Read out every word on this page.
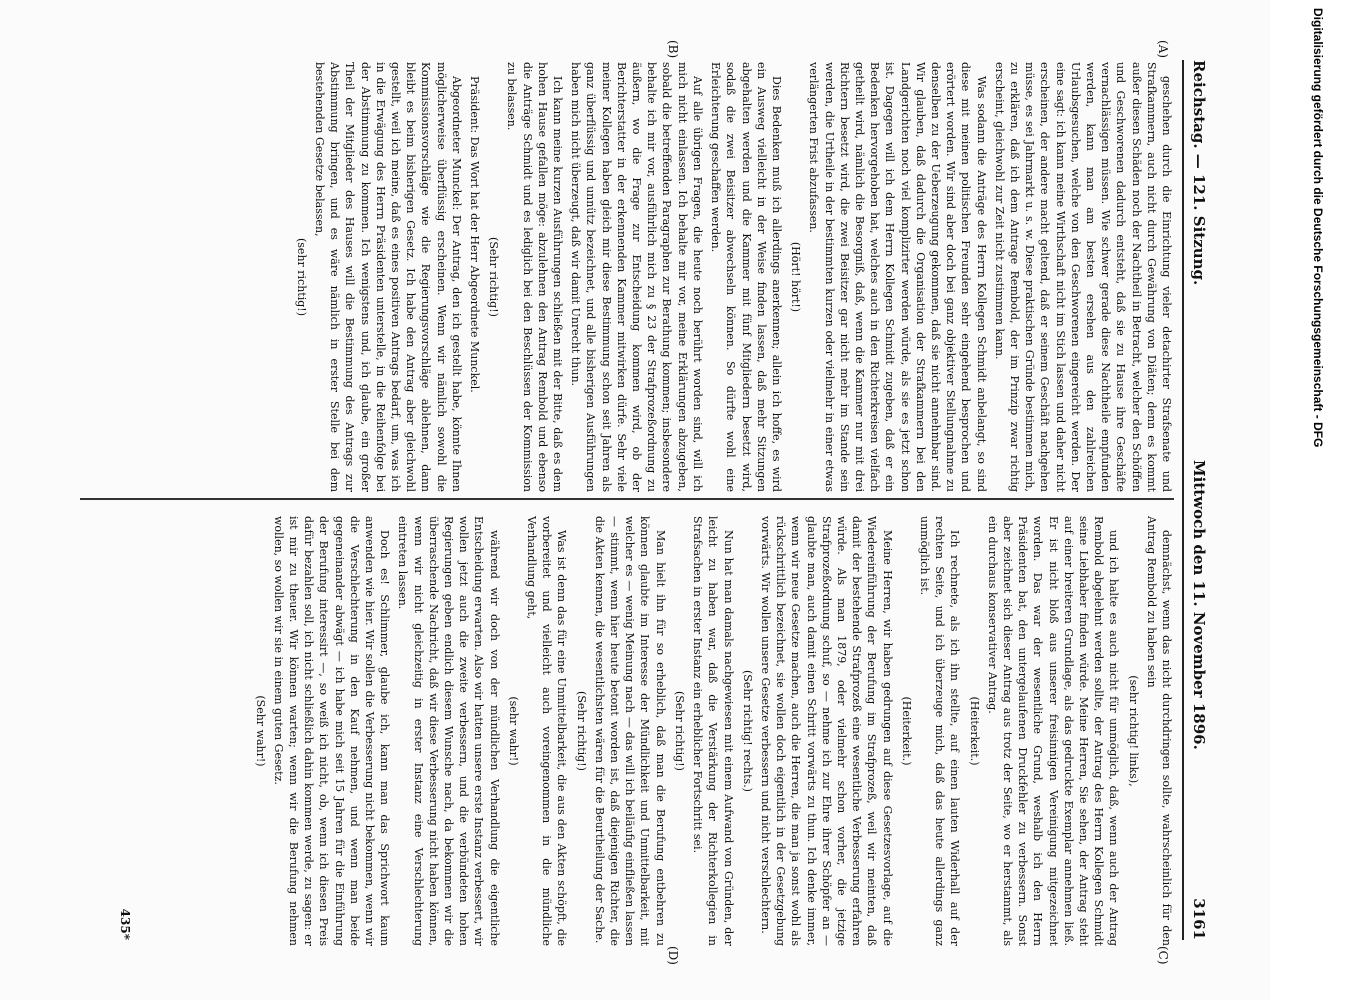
Reichstag. — 121. Sitzung.
Mittwoch den 11. November 1896.
3161
(A)
(B)
(C)
(D)

geschehen durch die Einrichtung vieler detachirter Strafsenate und Strafkammern, auch nicht durch Gewährung von Diäten; denn es kommt außer diesen Schäden noch der Nachtheil in Betracht, welcher den Schöffen und Geschworenen dadurch entsteht, daß sie zu Hause ihre Geschäfte vernachlässigen müssen. Wie schwer gerade diese Nachtheile empfunden werden, kann man am besten ersehen aus den zahlreichen Urlaubsgesuchen, welche von den Geschworenen eingereicht werden. Der eine sagt: ich kann meine Wirthschaft nicht im Stich lassen und daher nicht erscheinen, der andere macht geltend, daß er seinem Geschäft nachgehen müsse, es sei Jahrmarkt u. s. w. Diese praktischen Gründe bestimmen mich, zu erklären, daß ich dem Antrage Rembold, der im Prinzip zwar richtig erscheint, gleichwohl zur Zeit nicht zustimmen kann.

Was sodann die Anträge des Herrn Kollegen Schmidt anbelangt, so sind diese mit meinen politischen Freunden sehr eingehend besprochen und erörtert worden. Wir sind aber doch bei ganz objektiver Stellungnahme zu denselben zu der Ueberzeugung gekommen, daß sie nicht annehmbar sind. Wir glauben, daß dadurch die Organisation der Strafkammern bei den Landgerichten noch viel komplizirter werden würde, als sie es jetzt schon ist. Dagegen will ich dem Herrn Kollegen Schmidt zugeben, daß er ein Bedenken hervorgehoben hat, welches auch in den Richterkreisen vielfach getheilt wird, nämlich die Besorgniß, daß, wenn die Kammer nur mit drei Richtern besetzt wird, die zwei Beisitzer gar nicht mehr im Stande sein werden, die Urtheile in der bestimmten kurzen oder vielmehr in einer etwas verlängerten Frist abzufassen.

(Hört! hört!)

Dies Bedenken muß ich allerdings anerkennen; allein ich hoffe, es wird ein Ausweg vielleicht in der Weise finden lassen, daß mehr Sitzungen abgehalten werden und die Kammer mit fünf Mitgliedern besetzt wird, sodaß die zwei Beisitzer abwechseln können. So dürfte wohl eine Erleichterung geschaffen werden.

Auf alle übrigen Fragen, die heute noch berührt worden sind, will ich mich nicht einlassen. Ich behalte mir vor, meine Erklärungen abzugeben, sobald die betreffenden Paragraphen zur Berathung kommen; insbesondere behalte ich mir vor, ausführlich mich zu § 23 der Strafprozeßordnung zu äußern, wo die Frage zur Entscheidung kommen wird, ob der Berichterstatter in der erkennenden Kammer mitwirken dürfe. Sehr viele meiner Kollegen haben gleich mir diese Bestimmung schon seit Jahren als ganz überflüssig und unnütz bezeichnet, und alle bisherigen Ausführungen haben mich nicht überzeugt, daß wir damit Unrecht thun.

Ich kann meine kurzen Ausführungen schließen mit der Bitte, daß es dem hohen Hause gefallen möge: abzulehnen den Antrag Rembold und ebenso die Anträge Schmidt und es lediglich bei den Beschlüssen der Kommission zu belassen.

(Sehr richtig!)

Präsident: Das Wort hat der Herr Abgeordnete Munckel.

Abgeordneter Munckel: Der Antrag, den ich gestellt habe, könnte Ihnen möglicherweise überflüssig erscheinen. Wenn wir nämlich sowohl die Kommissionsvorschläge wie die Regierungsvorschläge ablehnen, dann bleibt es beim bisherigen Gesetz. Ich habe den Antrag aber gleichwohl gestellt, weil ich meine, daß es eines positiven Antrags bedarf, um, was ich in die Erwägung des Herrn Präsidenten unterstelle, in die Reihenfolge bei der Abstimmung zu kommen. Ich wenigstens und, ich glaube, ein großer Theil der Mitglieder des Hauses will die Bestimmung des Antrags zur Abstimmung bringen, und es wäre nämlich in erster Stelle bei dem bestehenden Gesetze belassen,

(sehr richtig!)

demnächst, wenn das nicht durchdringen sollte, wahrscheinlich für den Antrag Rembold zu haben sein

(sehr richtig! links),

und ich halte es auch nicht für unmöglich, daß, wenn auch der Antrag Rembold abgelehnt werden sollte, der Antrag des Herrn Kollegen Schmidt seine Liebhaber finden würde. Meine Herren, Sie sehen, der Antrag steht auf einer breiteren Grundlage, als das gedruckte Exemplar annehmen ließ. Er ist nicht bloß aus unserer freisinnigen Vereinigung mitgezeichnet worden. Das war der wesentliche Grund, weshalb ich den Herrn Präsidenten bat, den untergelaufenen Druckfehler zu verbessern. Sonst aber zeichnet sich dieser Antrag aus trotz der Seite, wo er herstammt, als ein durchaus konservativer Antrag.

(Heiterkeit.)

Ich rechnete, als ich ihn stellte, auf einen lauten Widerhall auf der rechten Seite, und ich überzeuge mich, daß das heute allerdings ganz unmöglich ist.

(Heiterkeit.)

Meine Herren, wir haben gedrungen auf diese Gesetzesvorlage, auf die Wiedereinführung der Berufung im Strafprozeß, weil wir meinten, daß damit der bestehende Strafprozeß eine wesentliche Verbesserung erfahren würde. Als man 1879, oder vielmehr schon vorher, die jetzige Strafprozeßordnung schuf, so — nehme ich zur Ehre ihrer Schöpfer an — glaubte man, auch damit einen Schritt vorwärts zu thun. Ich denke immer, wenn wir neue Gesetze machen, auch die Herren, die man ja sonst wohl als rückschrittlich bezeichnet, sie wollen doch eigentlich in der Gesetzgebung vorwärts. Wir wollen unsere Gesetze verbessern und nicht verschlechtern.

(Sehr richtig! rechts.)

Nun hat man damals nachgewiesen mit einem Aufwand von Gründen, der leicht zu haben war, daß die Verstärkung der Richterkollegien in Strafsachen in erster Instanz ein erheblicher Fortschritt sei.

(Sehr richtig!)

Man hielt ihn für so erheblich, daß man die Berufung entbehren zu können glaubte im Interesse der Mündlichkeit und Unmittelbarkeit, mit welcher es — wenig Meinung nach — das will ich beiläufig einfließen lassen — stimmt, wenn hier heute betont worden ist, daß diejenigen Richter, die die Akten kennen, die wesentlichsten wären für die Beurtheilung der Sache.

(Sehr richtig!)

Was ist denn das für eine Unmittelbarkeit, die aus den Akten schöpft, die vorbereitet und vielleicht auch voreingenommen in die mündliche Verhandlung geht,

(sehr wahr!)

während wir doch von der mündlichen Verhandlung die eigentliche Entscheidung erwarten. Also wir hatten unsere erste Instanz verbessert, wir wollen jetzt auch die zweite verbessern, und die verbündeten hohen Regierungen geben endlich diesem Wunsche nach, da bekommen wir die überraschende Nachricht, daß wir diese Verbesserung nicht haben können, wenn wir nicht gleichzeitig in erster Instanz eine Verschlechterung eintreten lassen.

Doch es! Schlimmer, glaube ich, kann man das Sprichwort kaum anwenden wie hier. Wir sollen die Verbesserung nicht bekommen, wenn wir die Verschlechterung in den Kauf nehmen, und wenn man beide gegeneinander abwägt — ich habe mich seit 15 Jahren für die Einführung der Berufung interessirt —, so weiß ich nicht, ob, wenn ich diesen Preis dafür bezahlen soll, ich nicht schließlich dahin kommen werde, zu sagen: er ist mir zu theuer. Wir können warten; wenn wir die Berufung nehmen wollen, so wollen wir sie in einem guten Gesetz.

(Sehr wahr!)

435*
Digitalisierung gefördert durch die Deutsche Forschungsgemeinschaft - DFG
